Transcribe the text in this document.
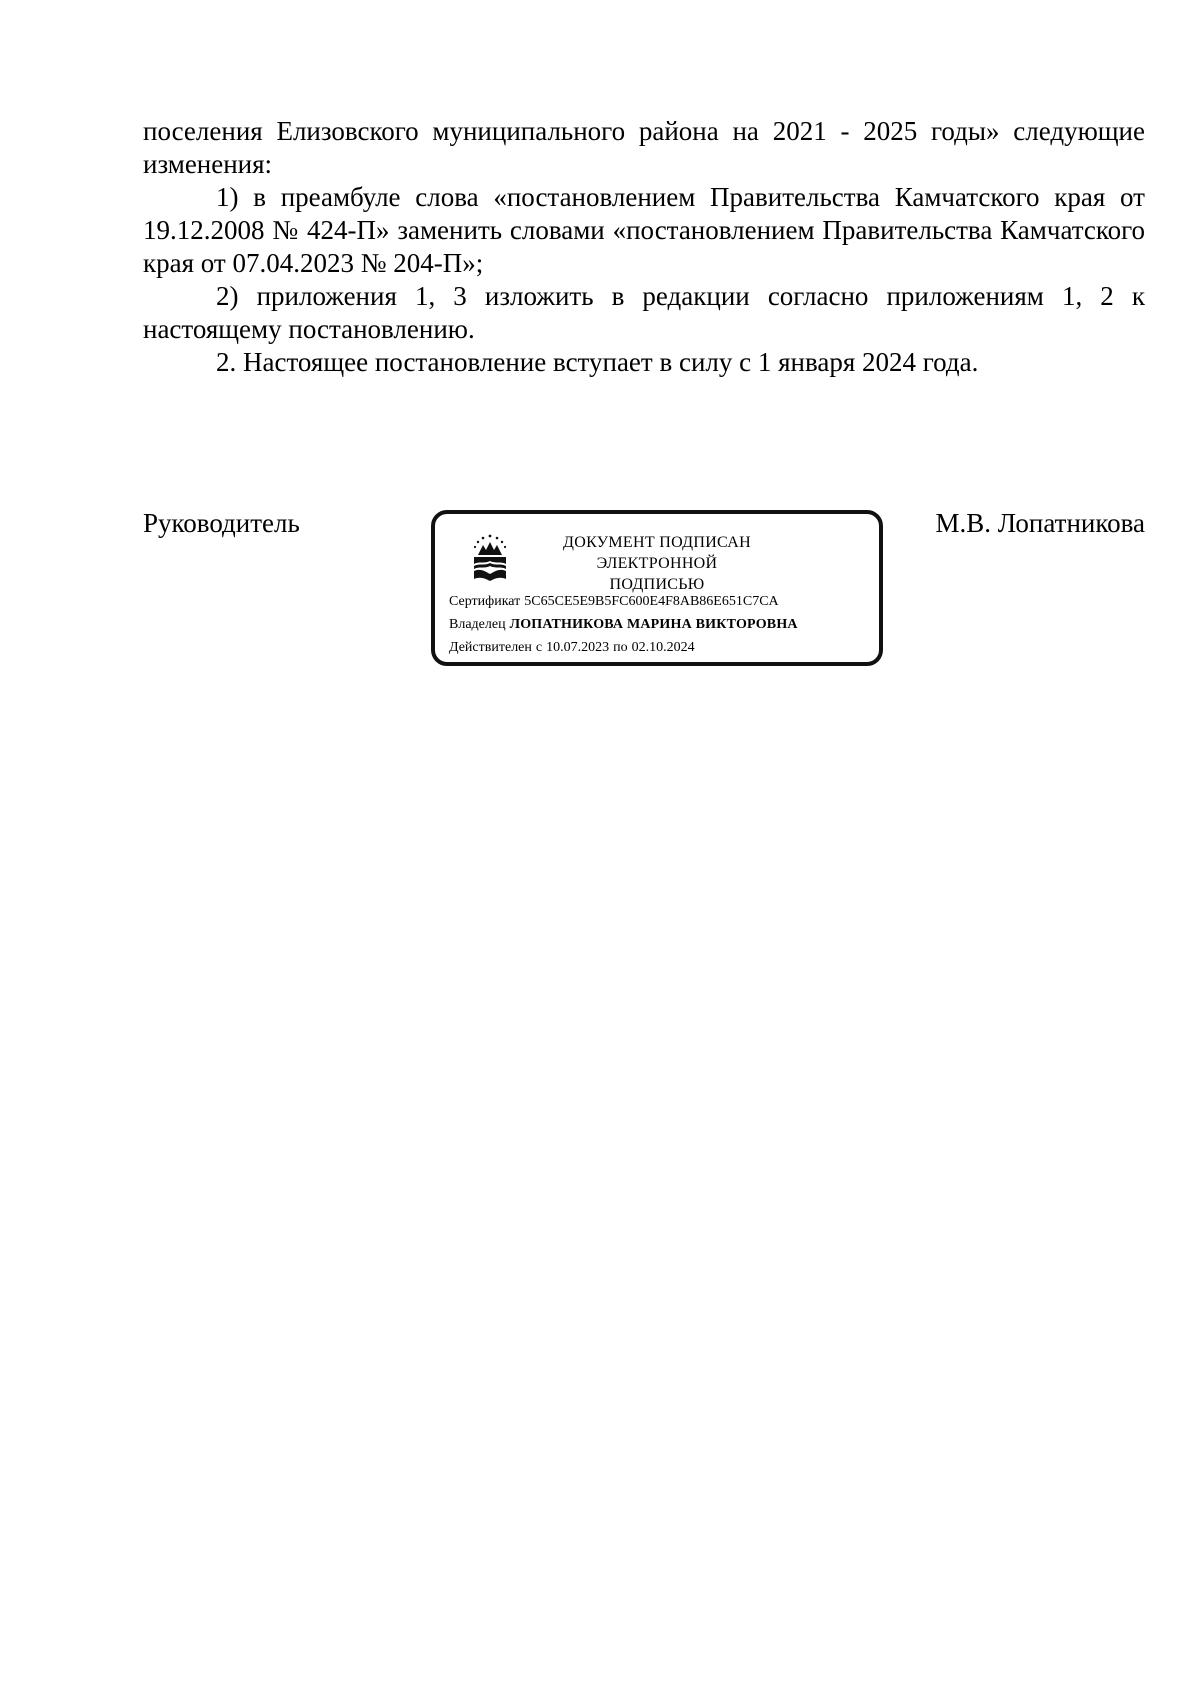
поселения Елизовского муниципального района на 2021 - 2025 годы» следующие изменения:

1) в преамбуле слова «постановлением Правительства Камчатского края от 19.12.2008 № 424-П» заменить словами «постановлением Правительства Камчатского края от 07.04.2023 № 204-П»;

2) приложения 1, 3 изложить в редакции согласно приложениям 1, 2 к настоящему постановлению.

2. Настоящее постановление вступает в силу с 1 января 2024 года.

Руководитель
ДОКУМЕНТ ПОДПИСАН
ЭЛЕКТРОННОЙ ПОДПИСЬЮ
Сертификат 5C65CE5E9B5FC600E4F8AB86E651C7CA
Владелец ЛОПАТНИКОВА МАРИНА ВИКТОРОВНА
Действителен с 10.07.2023 по 02.10.2024
М.В. Лопатникова
